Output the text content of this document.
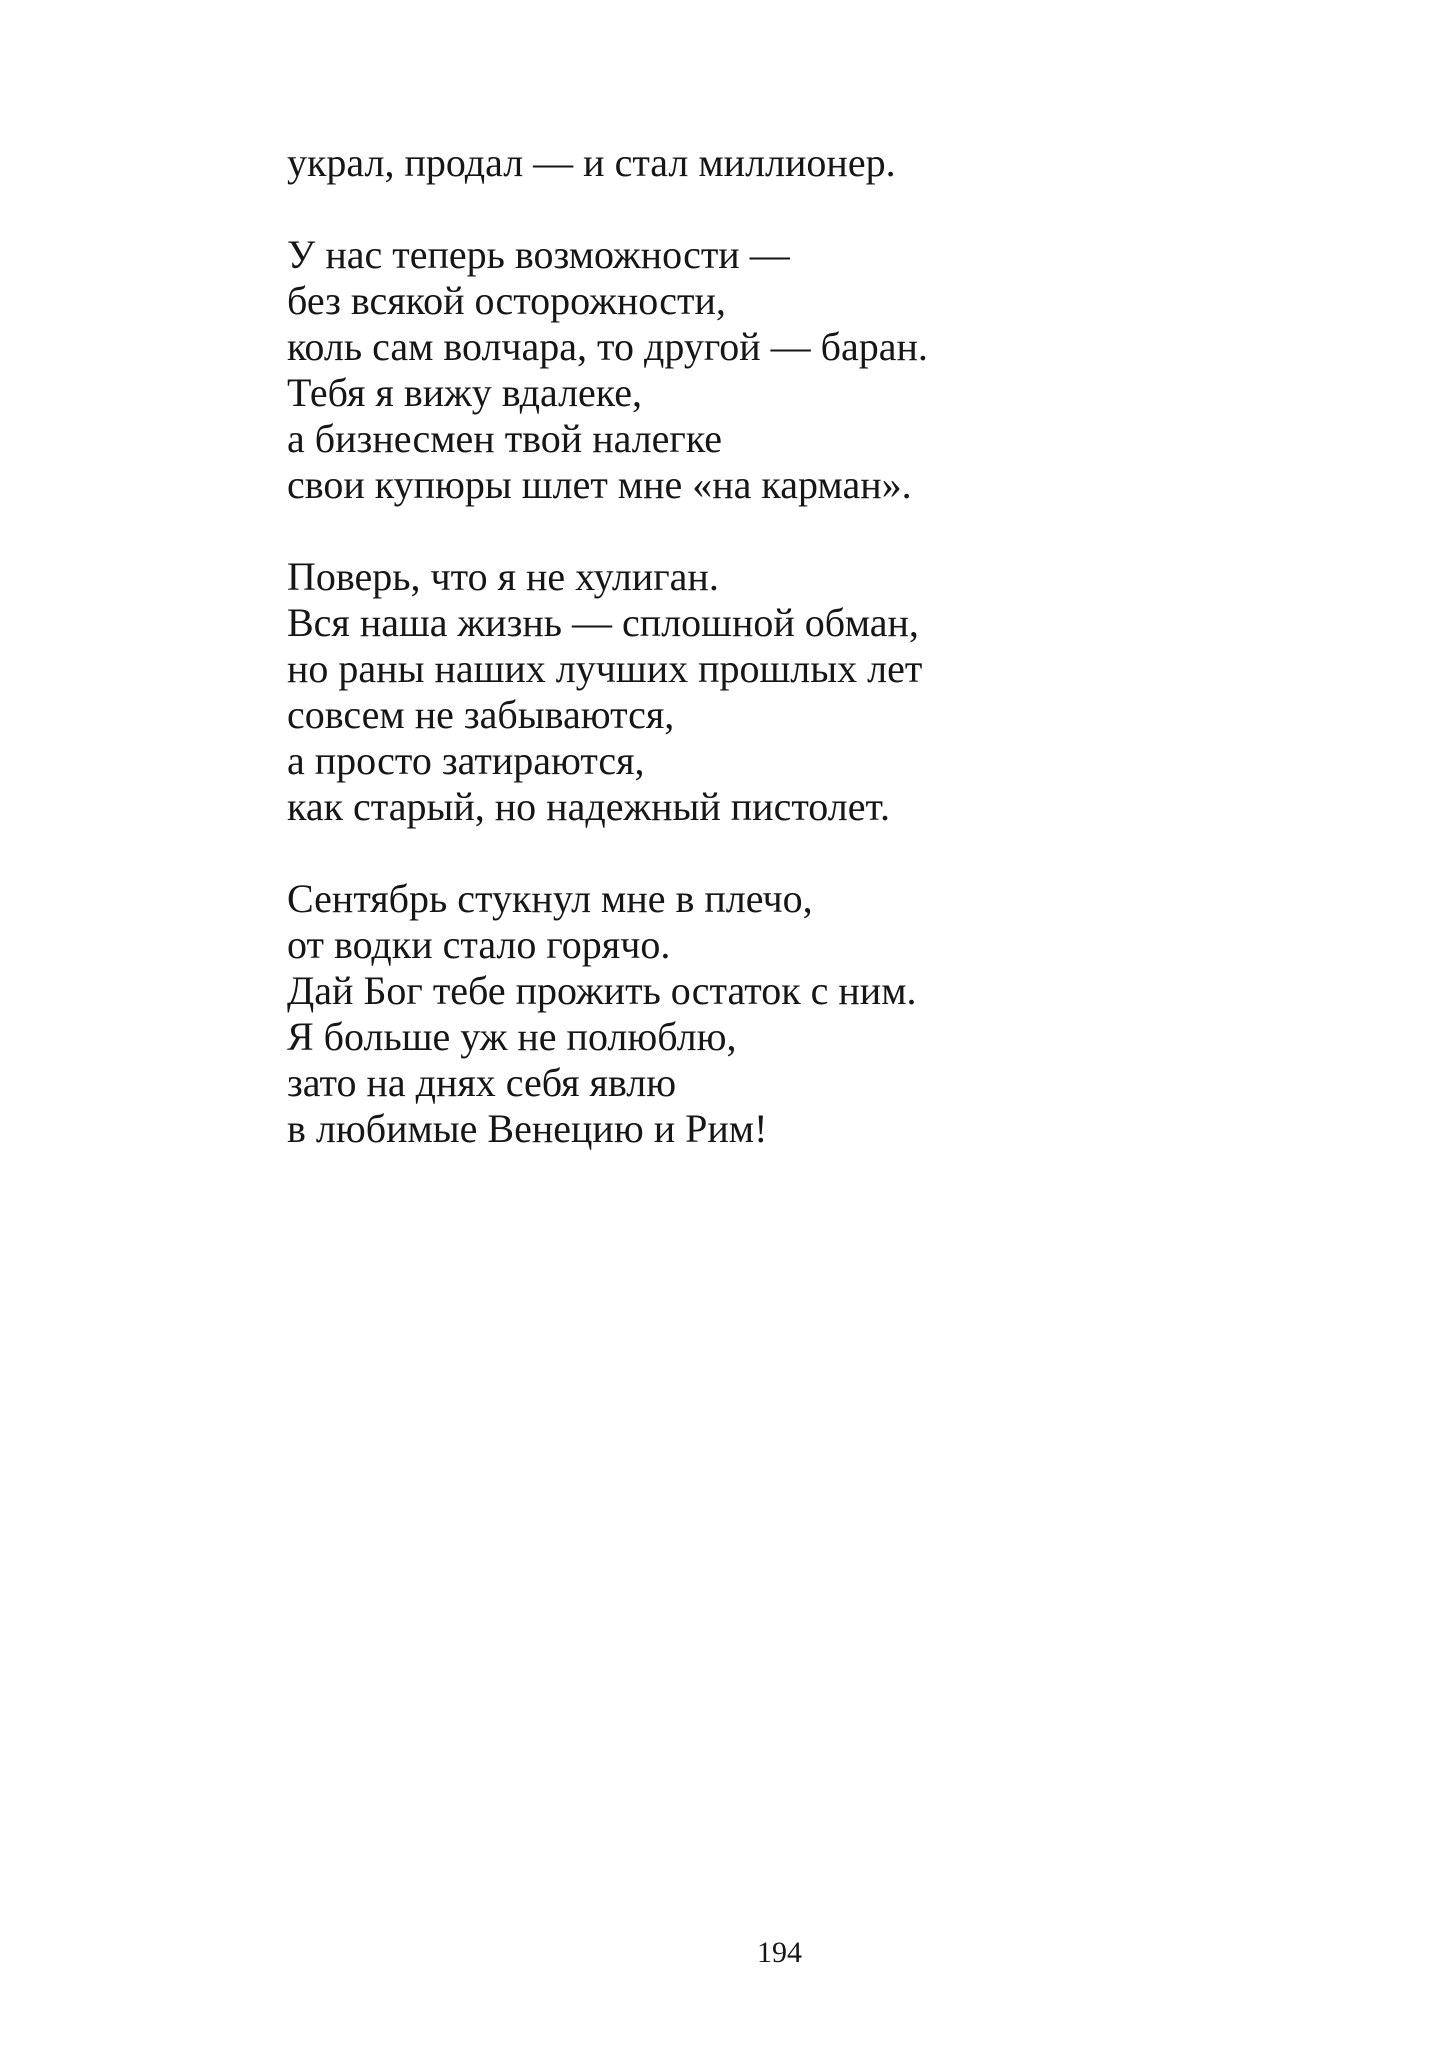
украл, продал — и стал миллионер.
У нас теперь возможности —
без всякой осторожности,
коль сам волчара, то другой — баран.
Тебя я вижу вдалеке,
а бизнесмен твой налегке
свои купюры шлет мне «на карман».
Поверь, что я не хулиган.
Вся наша жизнь — сплошной обман,
но раны наших лучших прошлых лет
совсем не забываются,
а просто затираются,
как старый, но надежный пистолет.
Сентябрь стукнул мне в плечо,
от водки стало горячо.
Дай Бог тебе прожить остаток с ним.
Я больше уж не полюблю,
зато на днях себя явлю
в любимые Венецию и Рим!
194
